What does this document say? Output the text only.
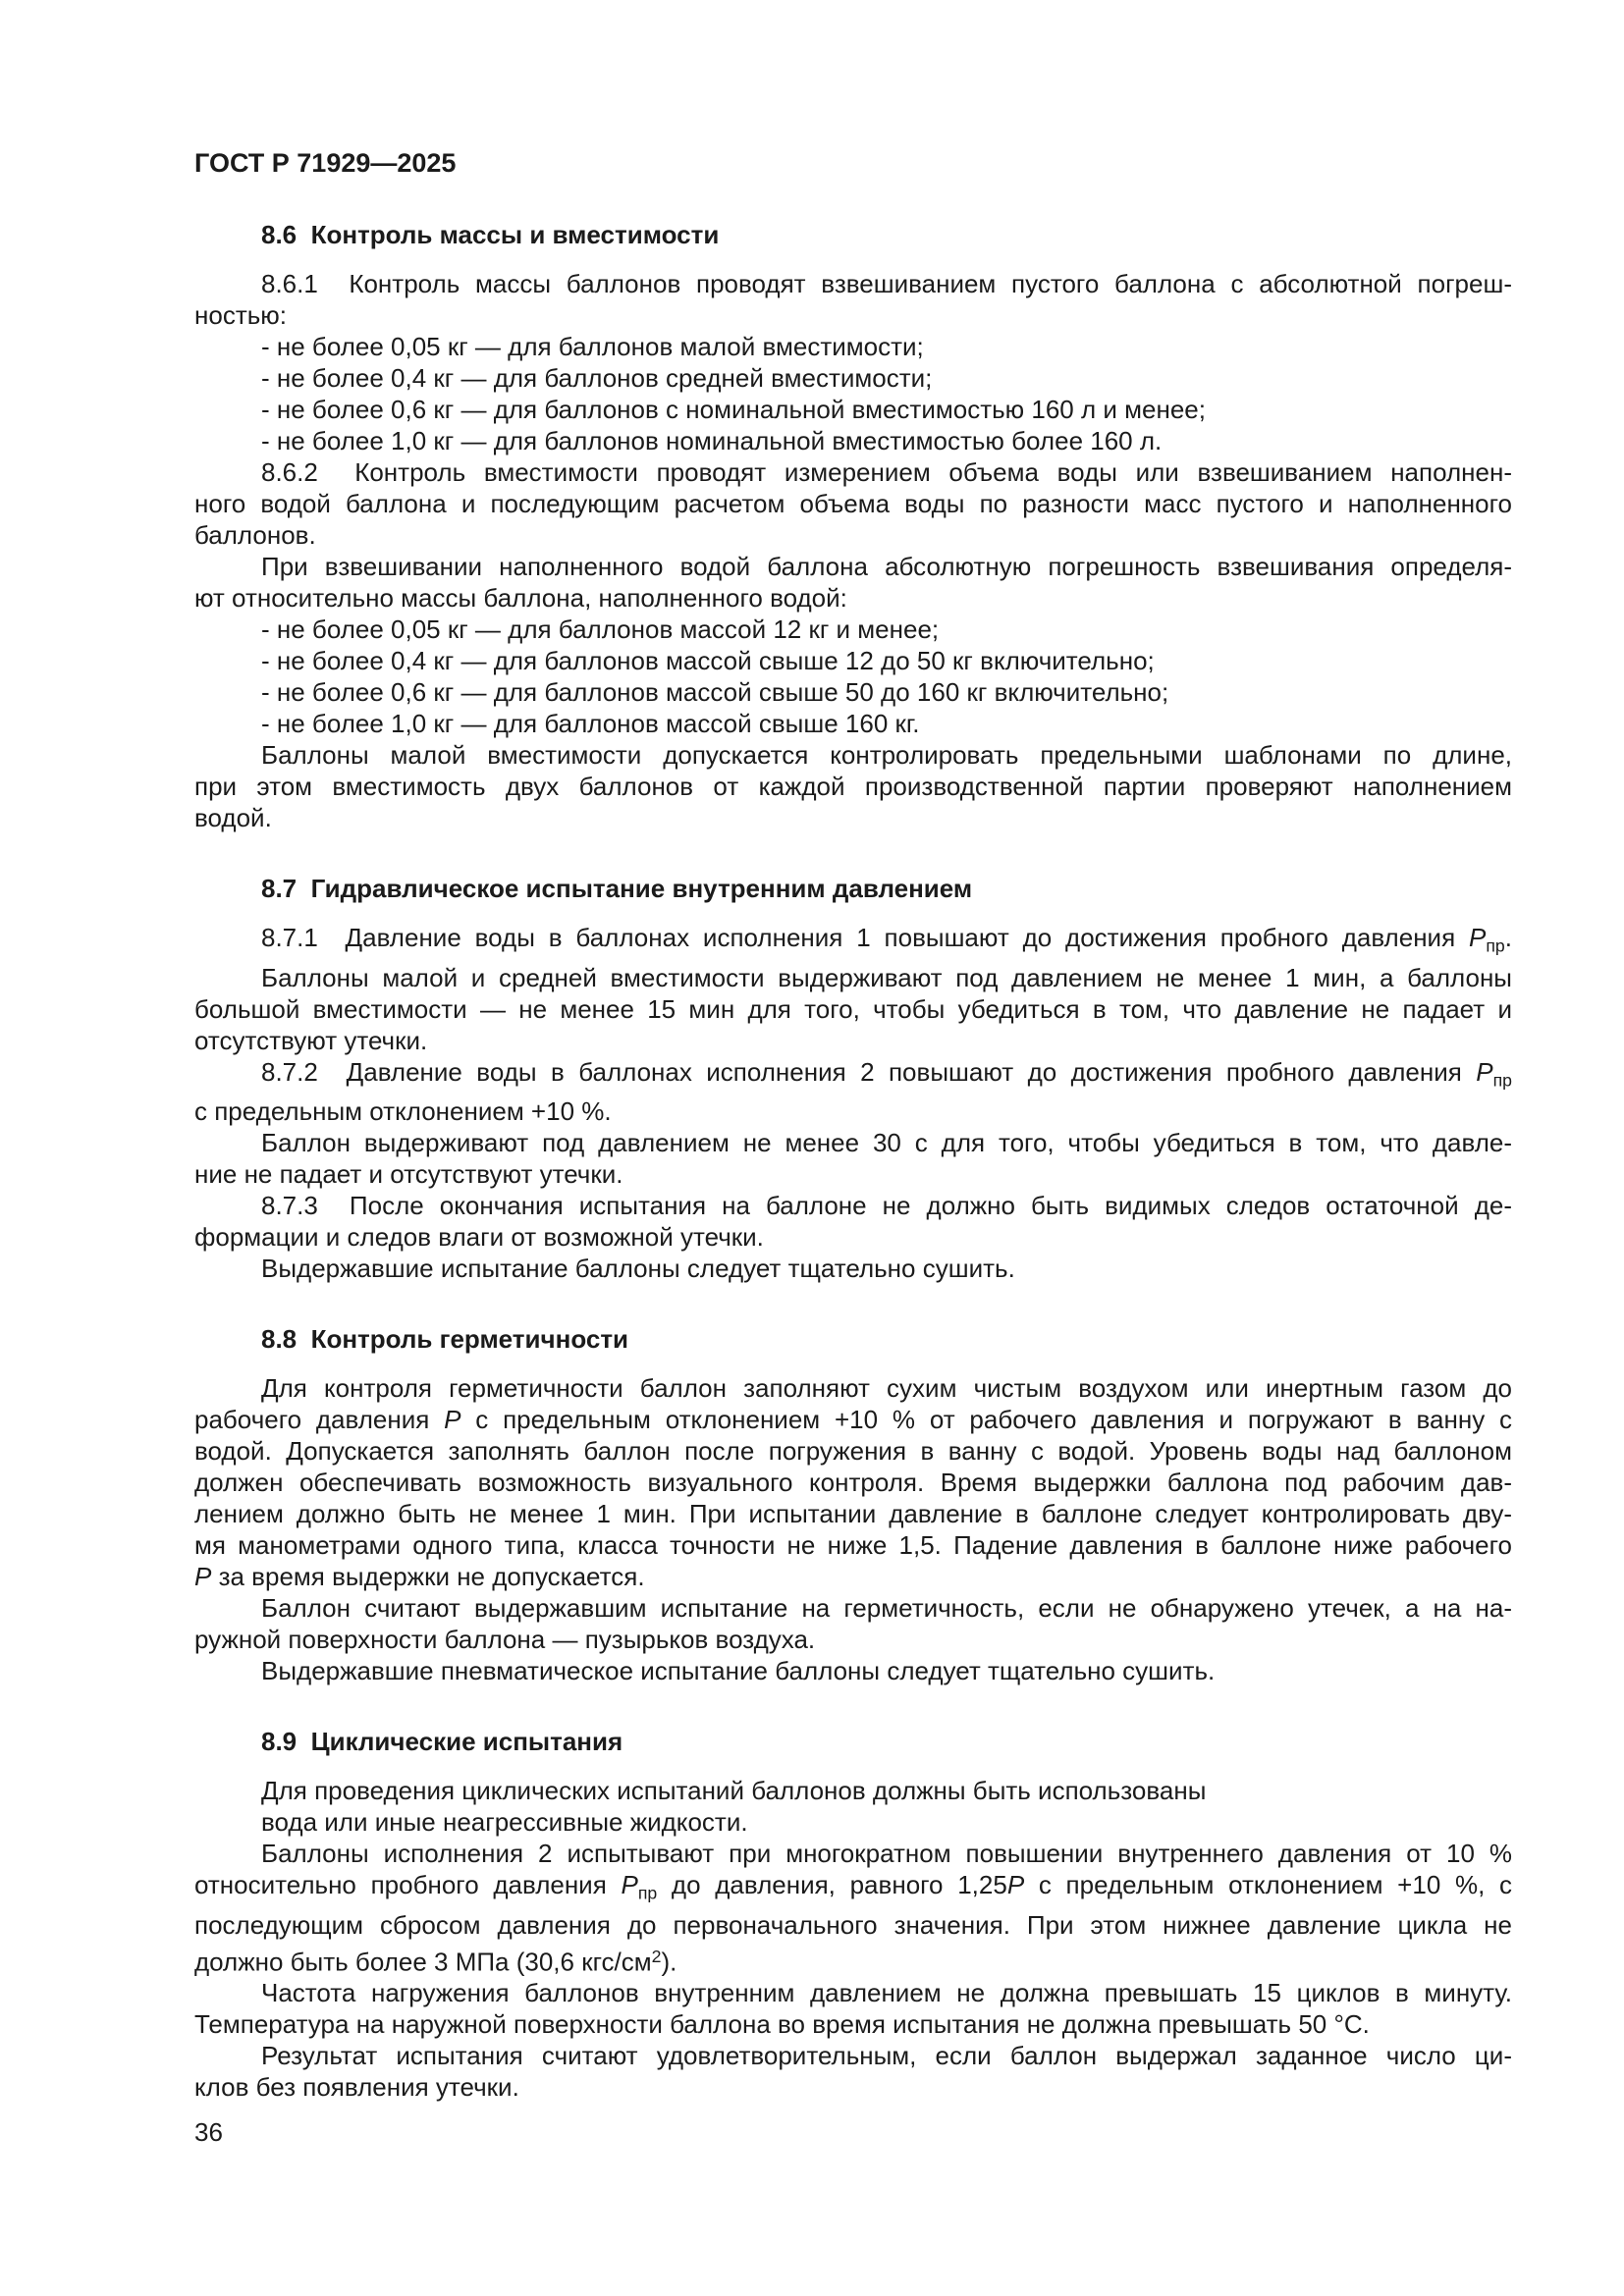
ГОСТ Р 71929—2025
8.6  Контроль массы и вместимости
8.6.1  Контроль массы баллонов проводят взвешиванием пустого баллона с абсолютной погреш-
ностью:
- не более 0,05 кг — для баллонов малой вместимости;
- не более 0,4 кг — для баллонов средней вместимости;
- не более 0,6 кг — для баллонов с номинальной вместимостью 160 л и менее;
- не более 1,0 кг — для баллонов номинальной вместимостью более 160 л.
8.6.2  Контроль вместимости проводят измерением объема воды или взвешиванием наполнен-
ного водой баллона и последующим расчетом объема воды по разности масс пустого и наполненного
баллонов.
При взвешивании наполненного водой баллона абсолютную погрешность взвешивания определя-
ют относительно массы баллона, наполненного водой:
- не более 0,05 кг — для баллонов массой 12 кг и менее;
- не более 0,4 кг — для баллонов массой свыше 12 до 50 кг включительно;
- не более 0,6 кг — для баллонов массой свыше 50 до 160 кг включительно;
- не более 1,0 кг — для баллонов массой свыше 160 кг.
Баллоны малой вместимости допускается контролировать предельными шаблонами по длине,
при этом вместимость двух баллонов от каждой производственной партии проверяют наполнением
водой.
8.7  Гидравлическое испытание внутренним давлением
8.7.1  Давление воды в баллонах исполнения 1 повышают до достижения пробного давления $Р_{пр}$.
Баллоны малой и средней вместимости выдерживают под давлением не менее 1 мин, а баллоны
большой вместимости — не менее 15 мин для того, чтобы убедиться в том, что давление не падает и
отсутствуют утечки.
8.7.2  Давление воды в баллонах исполнения 2 повышают до достижения пробного давления $Р_{пр}$
с предельным отклонением +10 %.
Баллон выдерживают под давлением не менее 30 с для того, чтобы убедиться в том, что давле-
ние не падает и отсутствуют утечки.
8.7.3  После окончания испытания на баллоне не должно быть видимых следов остаточной де-
формации и следов влаги от возможной утечки.
Выдержавшие испытание баллоны следует тщательно сушить.
8.8  Контроль герметичности
Для контроля герметичности баллон заполняют сухим чистым воздухом или инертным газом до
рабочего давления Р с предельным отклонением +10 % от рабочего давления и погружают в ванну с
водой. Допускается заполнять баллон после погружения в ванну с водой. Уровень воды над баллоном
должен обеспечивать возможность визуального контроля. Время выдержки баллона под рабочим дав-
лением должно быть не менее 1 мин. При испытании давление в баллоне следует контролировать дву-
мя манометрами одного типа, класса точности не ниже 1,5. Падение давления в баллоне ниже рабочего
Р за время выдержки не допускается.
Баллон считают выдержавшим испытание на герметичность, если не обнаружено утечек, а на на-
ружной поверхности баллона — пузырьков воздуха.
Выдержавшие пневматическое испытание баллоны следует тщательно сушить.
8.9  Циклические испытания
Для проведения циклических испытаний баллонов должны быть использованы
вода или иные неагрессивные жидкости.
Баллоны исполнения 2 испытывают при многократном повышении внутреннего давления от 10 %
относительно пробного давления $Р_{пр}$ до давления, равного 1,25Р с предельным отклонением +10 %, с
последующим сбросом давления до первоначального значения. При этом нижнее давление цикла не
должно быть более 3 МПа (30,6 кгс/$см^2$).
Частота нагружения баллонов внутренним давлением не должна превышать 15 циклов в минуту.
Температура на наружной поверхности баллона во время испытания не должна превышать 50 °С.
Результат испытания считают удовлетворительным, если баллон выдержал заданное число ци-
клов без появления утечки.
36
